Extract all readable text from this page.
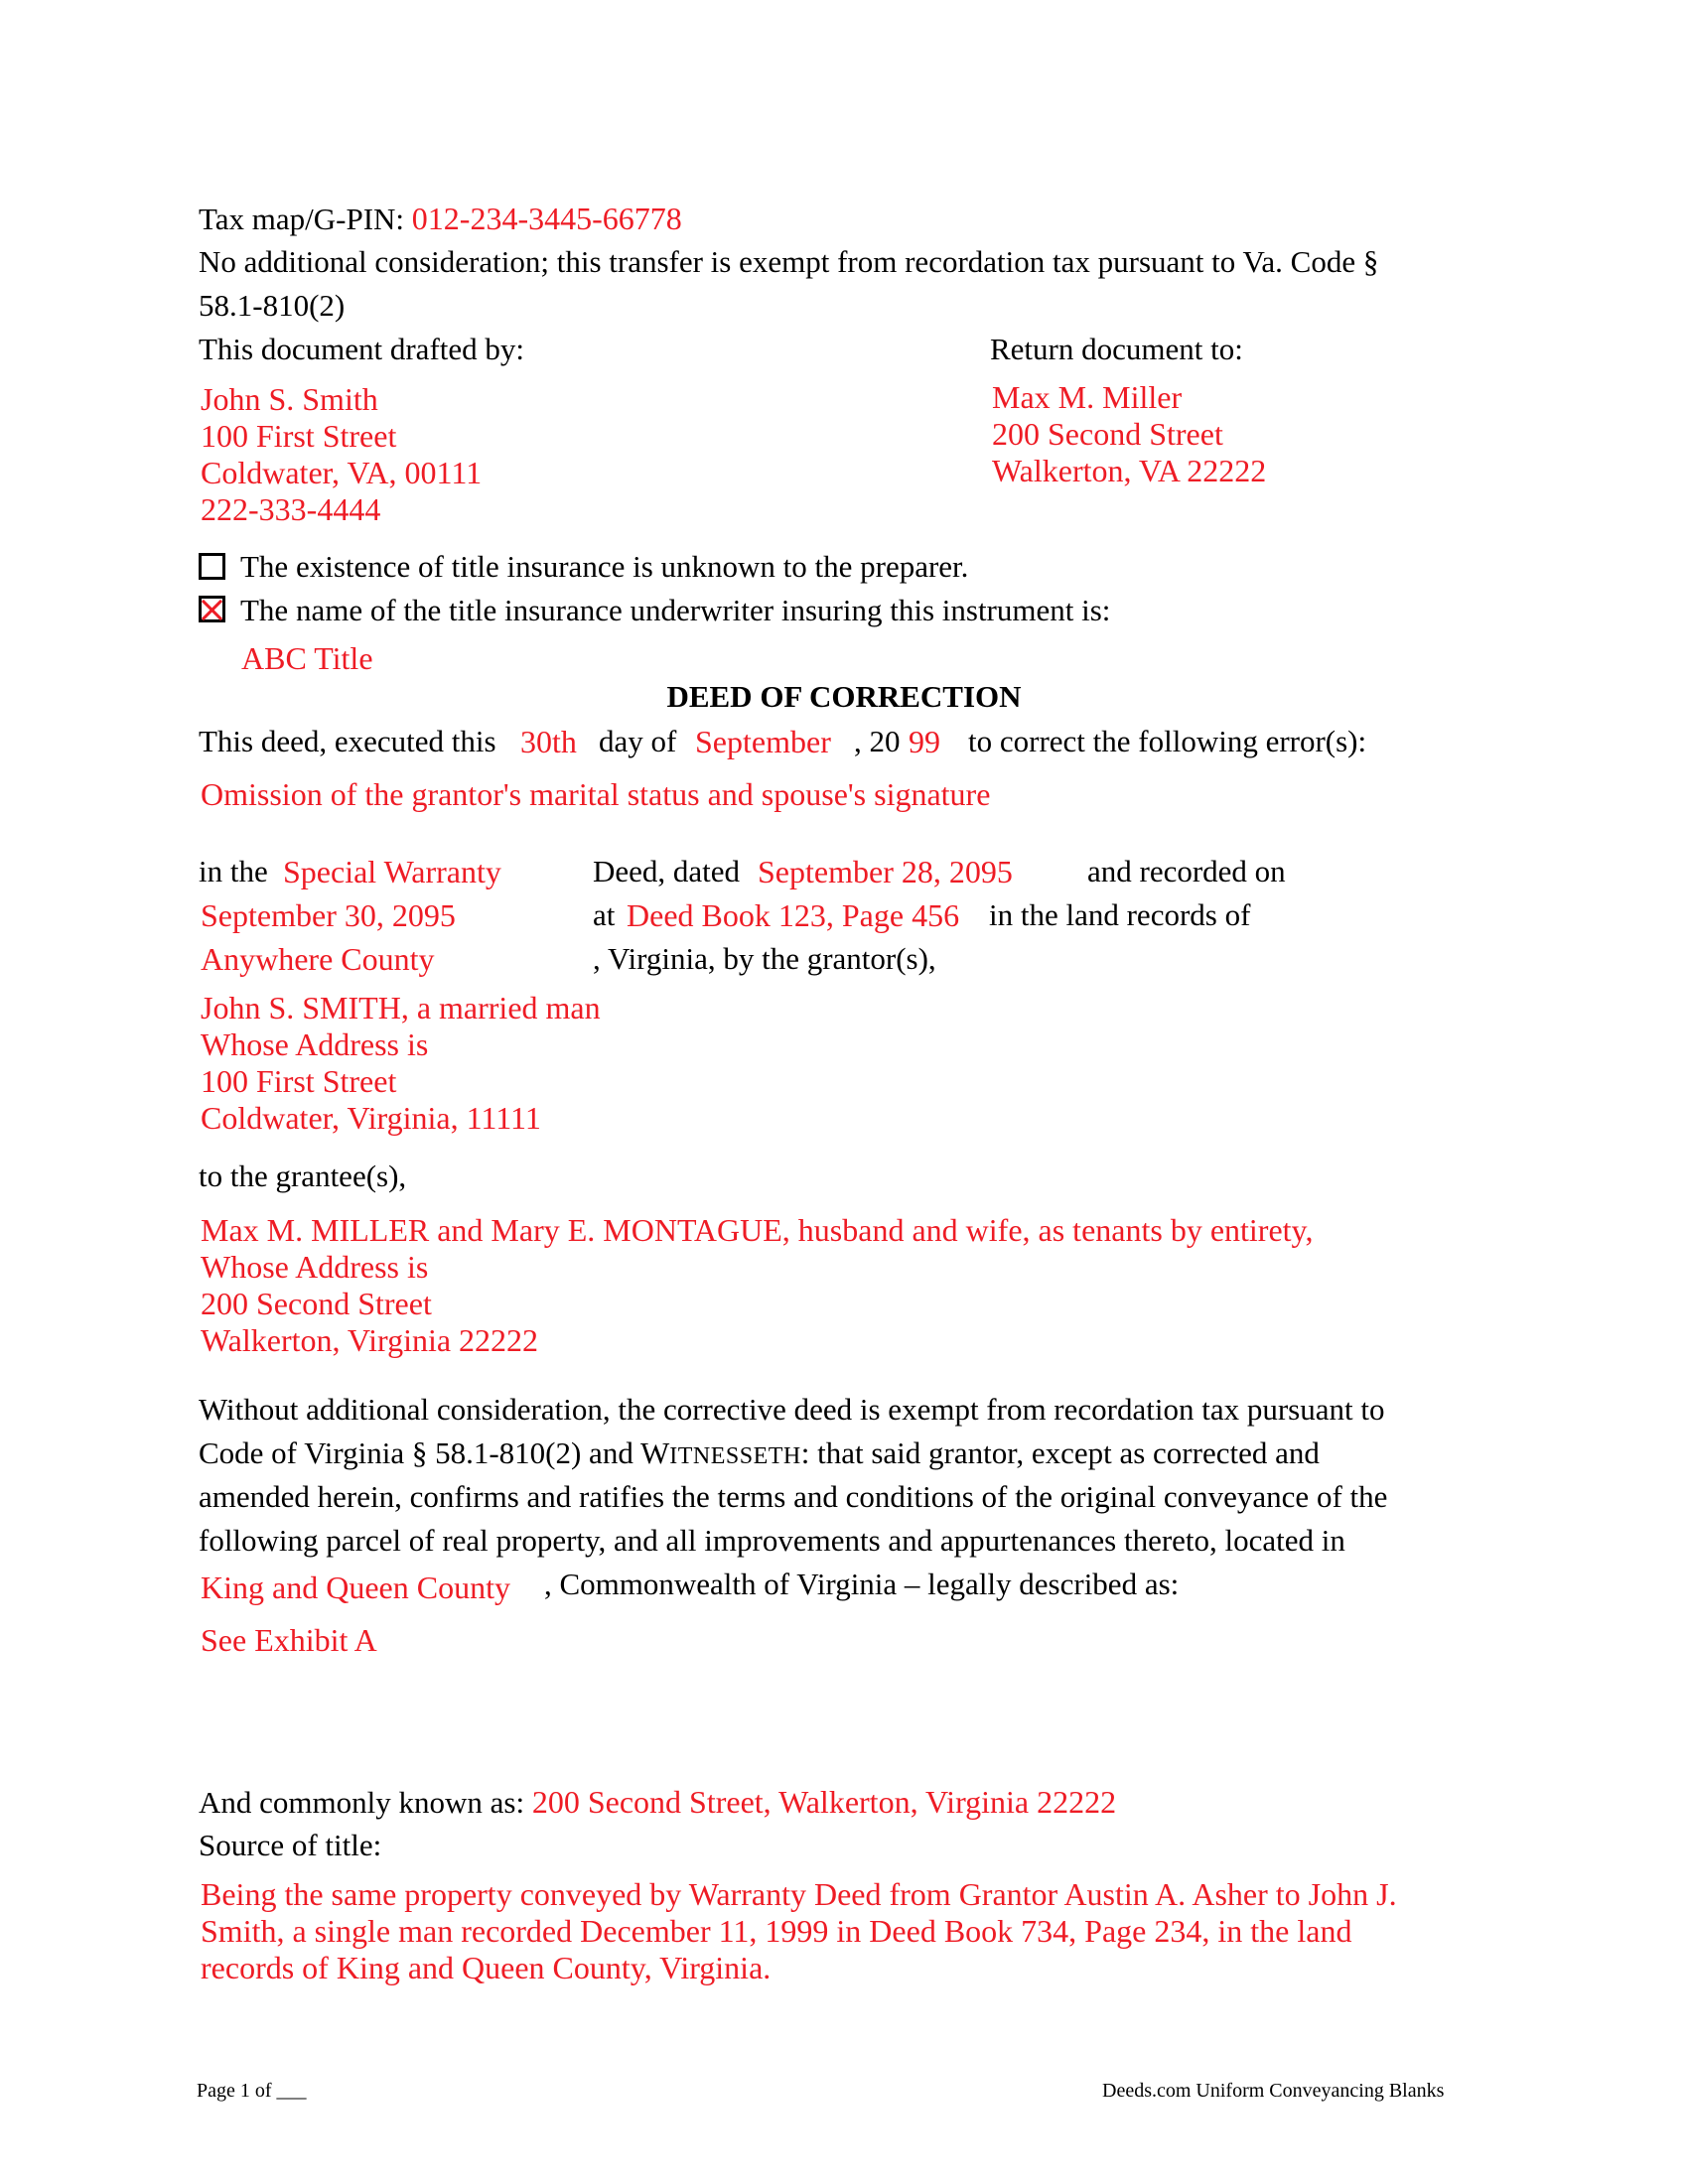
Tax map/G-PIN: 012-234-3445-66778
No additional consideration; this transfer is exempt from recordation tax pursuant to Va. Code §
58.1-810(2)
This document drafted by:
John S. Smith
100 First Street
Coldwater, VA, 00111
222-333-4444
Return document to:
Max M. Miller
200 Second Street
Walkerton, VA 22222
The existence of title insurance is unknown to the preparer.
The name of the title insurance underwriter insuring this instrument is:
ABC Title
DEED OF CORRECTION
This deed, executed this 30th day of September , 20 99 to correct the following error(s):
Omission of the grantor's marital status and spouse's signature
in the Special Warranty	Deed, dated September 28, 2095 and recorded on
September 30, 2095	at Deed Book 123, Page 456 in the land records of
Anywhere County	, Virginia, by the grantor(s),
John S. SMITH, a married man
Whose Address is
100 First Street
Coldwater, Virginia, 11111
to the grantee(s),
Max M. MILLER and Mary E. MONTAGUE, husband and wife, as tenants by entirety,
Whose Address is
200 Second Street
Walkerton, Virginia 22222
Without additional consideration, the corrective deed is exempt from recordation tax pursuant to
Code of Virginia § 58.1-810(2) and WITNESSETH: that said grantor, except as corrected and
amended herein, confirms and ratifies the terms and conditions of the original conveyance of the
following parcel of real property, and all improvements and appurtenances thereto, located in
King and Queen County , Commonwealth of Virginia – legally described as:
See Exhibit A
And commonly known as: 200 Second Street, Walkerton, Virginia 22222
Source of title:
Being the same property conveyed by Warranty Deed from Grantor Austin A. Asher to John J.
Smith, a single man recorded December 11, 1999 in Deed Book 734, Page 234, in the land
records of King and Queen County, Virginia.
Page 1 of ___	Deeds.com Uniform Conveyancing Blanks
